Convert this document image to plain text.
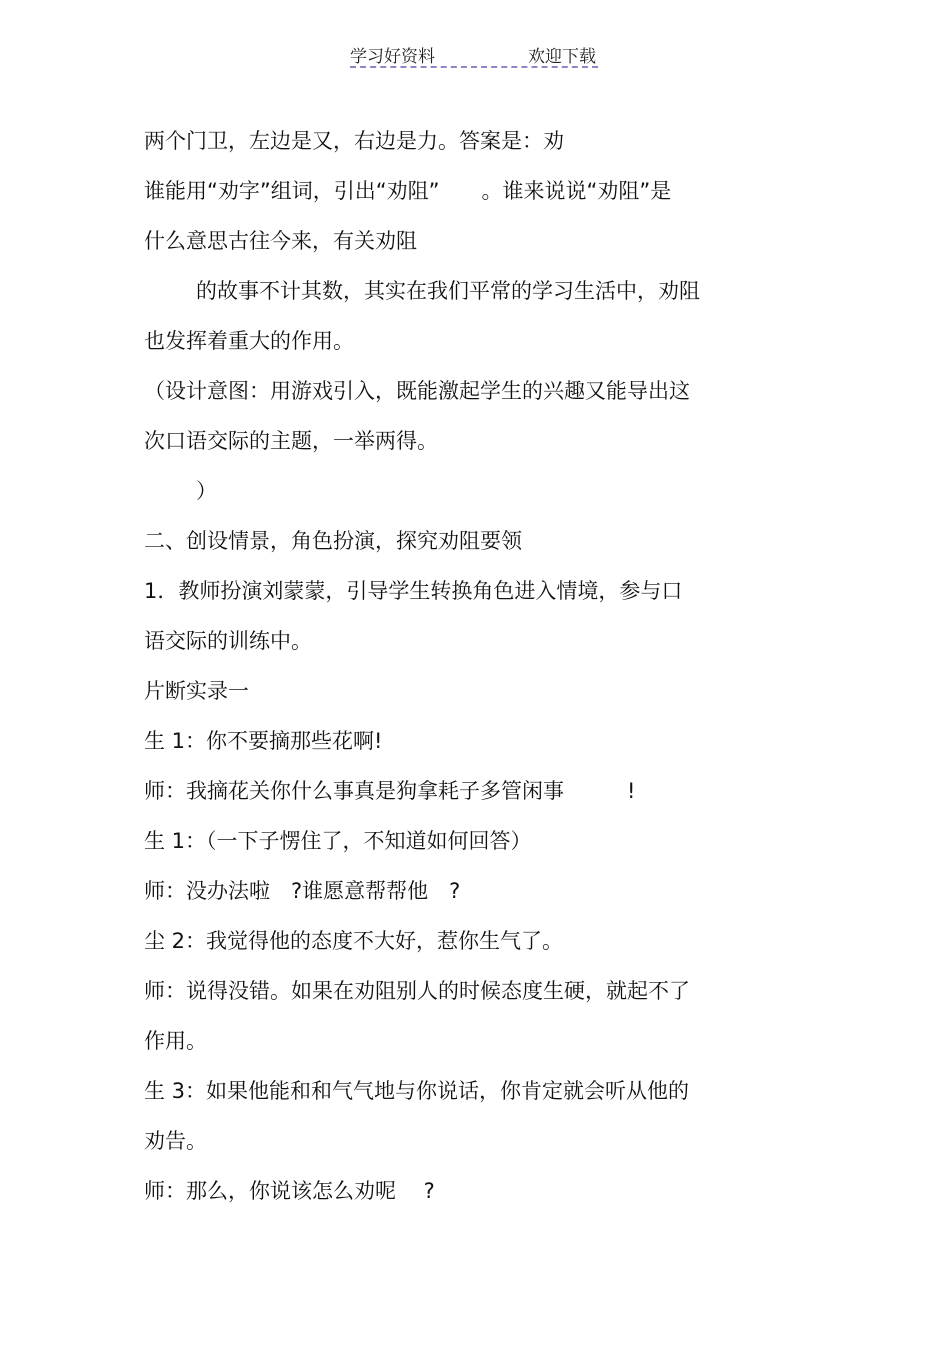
学习好资料	欢迎下载
两个门卫，左边是又，右边是力。答案是：劝
谁能用“劝字”组词，引出“劝阻”　　。谁来说说“劝阻”是
什么意思古往今来，有关劝阻
的故事不计其数，其实在我们平常的学习生活中，劝阻
也发挥着重大的作用。
（设计意图：用游戏引入，既能激起学生的兴趣又能导出这
次口语交际的主题，一举两得。
）
二、创设情景，角色扮演，探究劝阻要领
1．教师扮演刘蒙蒙，引导学生转换角色进入情境，参与口
语交际的训练中。
片断实录一
生 1：你不要摘那些花啊!
师：我摘花关你什么事真是狗拿耗子多管闲事　　　!
生 1：（一下子愣住了，不知道如何回答）
师：没办法啦　?谁愿意帮帮他　?
尘 2：我觉得他的态度不大好，惹你生气了。
师：说得没错。如果在劝阻别人的时候态度生硬，就起不了
作用。
生 3：如果他能和和气气地与你说话，你肯定就会听从他的
劝告。
师：那么，你说该怎么劝呢　 ?
